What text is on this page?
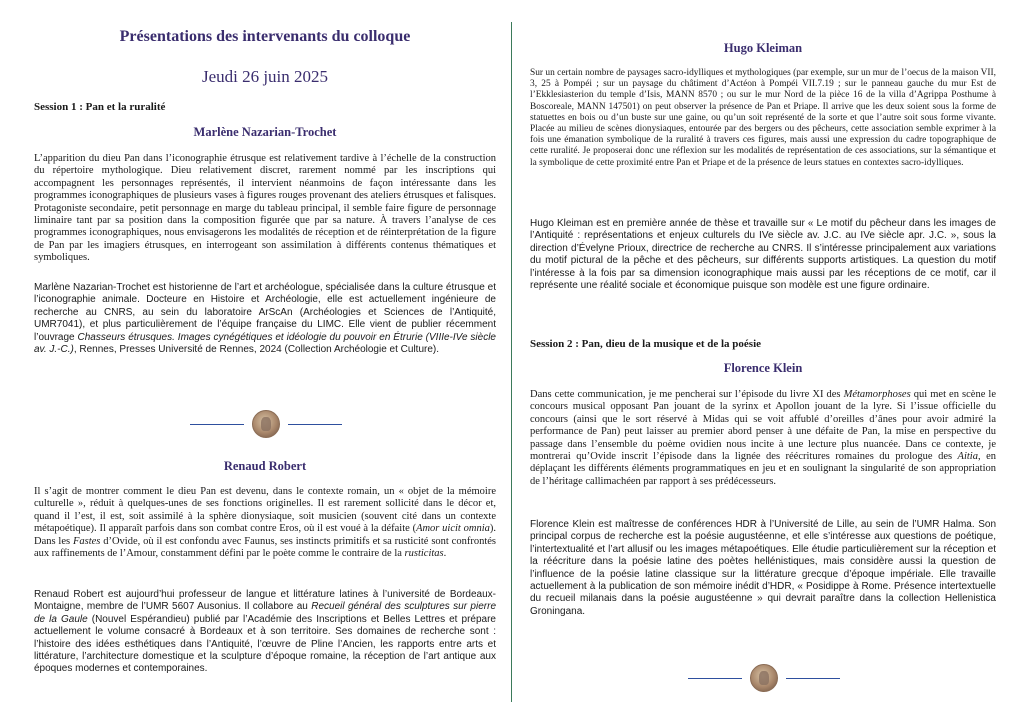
Présentations des intervenants du colloque
Jeudi 26 juin 2025

Session 1 : Pan et la ruralité

Marlène Nazarian-Trochet

L’apparition du dieu Pan dans l’iconographie étrusque est relativement tardive à l’échelle de la construction du répertoire mythologique. Dieu relativement discret, rarement nommé par les inscriptions qui accompagnent les personnages représentés, il intervient néanmoins de façon intéressante dans les programmes iconographiques de plusieurs vases à figures rouges provenant des ateliers étrusques et falisques. Protagoniste secondaire, petit personnage en marge du tableau principal, il semble faire figure de personnage liminaire tant par sa position dans la composition figurée que par sa nature. À travers l’analyse de ces programmes iconographiques, nous envisagerons les modalités de réception et de réinterprétation de la figure de Pan par les imagiers étrusques, en interrogeant son assimilation à différents contenus thématiques et symboliques.

Marlène Nazarian-Trochet est historienne de l’art et archéologue, spécialisée dans la culture étrusque et l’iconographie animale. Docteure en Histoire et Archéologie, elle est actuellement ingénieure de recherche au CNRS, au sein du laboratoire ArScAn (Archéologies et Sciences de l’Antiquité, UMR7041), et plus particulièrement de l’équipe française du LIMC. Elle vient de publier récemment l’ouvrage Chasseurs étrusques. Images cynégétiques et idéologie du pouvoir en Étrurie (VIIIe-IVe siècle av. J.-C.), Rennes, Presses Université de Rennes, 2024 (Collection Archéologie et Culture).

Renaud Robert

Il s’agit de montrer comment le dieu Pan est devenu, dans le contexte romain, un « objet de la mémoire culturelle », réduit à quelques-unes de ses fonctions originelles. Il est rarement sollicité dans le décor et, quand il l’est, il est, soit assimilé à la sphère dionysiaque, soit musicien (souvent cité dans un contexte métapoétique). Il apparaît parfois dans son combat contre Eros, où il est voué à la défaite (Amor uicit omnia). Dans les Fastes d’Ovide, où il est confondu avec Faunus, ses instincts primitifs et sa rusticité sont confrontés aux raffinements de l’Amour, constamment défini par le poète comme le contraire de la rusticitas.

Renaud Robert est aujourd’hui professeur de langue et littérature latines à l’université de Bordeaux-Montaigne, membre de l’UMR 5607 Ausonius. Il collabore au Recueil général des sculptures sur pierre de la Gaule (Nouvel Espérandieu) publié par l’Académie des Inscriptions et Belles Lettres et prépare actuellement le volume consacré à Bordeaux et à son territoire. Ses domaines de recherche sont : l’histoire des idées esthétiques dans l’Antiquité, l’œuvre de Pline l’Ancien, les rapports entre arts et littérature, l’architecture domestique et la sculpture d’époque romaine, la réception de l’art antique aux époques modernes et contemporaines.

Hugo Kleiman

Sur un certain nombre de paysages sacro-idylliques et mythologiques (par exemple, sur un mur de l’oecus de la maison VII, 3, 25 à Pompéi ; sur un paysage du châtiment d’Actéon à Pompéi VII.7.19 ; sur le panneau gauche du mur Est de l’Ekklesiasterion du temple d’Isis, MANN 8570 ; ou sur le mur Nord de la pièce 16 de la villa d’Agrippa Posthume à Boscoreale, MANN 147501) on peut observer la présence de Pan et Priape. Il arrive que les deux soient sous la forme de statuettes en bois ou d’un buste sur une gaine, ou qu’un soit représenté de la sorte et que l’autre soit sous forme vivante. Placée au milieu de scènes dionysiaques, entourée par des bergers ou des pêcheurs, cette association semble exprimer à la fois une émanation symbolique de la ruralité à travers ces figures, mais aussi une expression du cadre topographique de cette ruralité. Je proposerai donc une réflexion sur les modalités de représentation de ces associations, sur la sémantique et la symbolique de cette proximité entre Pan et Priape et de la présence de leurs statues en contextes sacro-idylliques.

Hugo Kleiman est en première année de thèse et travaille sur « Le motif du pêcheur dans les images de l’Antiquité : représentations et enjeux culturels du IVe siècle av. J.C. au IVe siècle apr. J.C. », sous la direction d’Évelyne Prioux, directrice de recherche au CNRS. Il s’intéresse principalement aux variations du motif pictural de la pêche et des pêcheurs, sur différents supports artistiques. La question du motif l’intéresse à la fois par sa dimension iconographique mais aussi par les réceptions de ce motif, car il représente une réalité sociale et économique puisque son modèle est une figure ordinaire.

Session 2 : Pan, dieu de la musique et de la poésie

Florence Klein

Dans cette communication, je me pencherai sur l’épisode du livre XI des Métamorphoses qui met en scène le concours musical opposant Pan jouant de la syrinx et Apollon jouant de la lyre. Si l’issue officielle du concours (ainsi que le sort réservé à Midas qui se voit affublé d’oreilles d’ânes pour avoir admiré la performance de Pan) peut laisser au premier abord penser à une défaite de Pan, la mise en perspective du passage dans l’ensemble du poème ovidien nous incite à une lecture plus nuancée. Dans ce contexte, je montrerai qu’Ovide inscrit l’épisode dans la lignée des réécritures romaines du prologue des Aitia, en déplaçant les différents éléments programmatiques en jeu et en soulignant la singularité de son appropriation de l’héritage callimachéen par rapport à ses prédécesseurs.

Florence Klein est maîtresse de conférences HDR à l’Université de Lille, au sein de l’UMR Halma. Son principal corpus de recherche est la poésie augustéenne, et elle s’intéresse aux questions de poétique, l’intertextualité et l’art allusif ou les images métapoétiques. Elle étudie particulièrement sur la réception et la réécriture dans la poésie latine des poètes hellénistiques, mais considère aussi la question de l’influence de la poésie latine classique sur la littérature grecque d’époque impériale. Elle travaille actuellement à la publication de son mémoire inédit d’HDR, « Posidippe à Rome. Présence intertextuelle du recueil milanais dans la poésie augustéenne » qui devrait paraître dans la collection Hellenistica Groningana.
